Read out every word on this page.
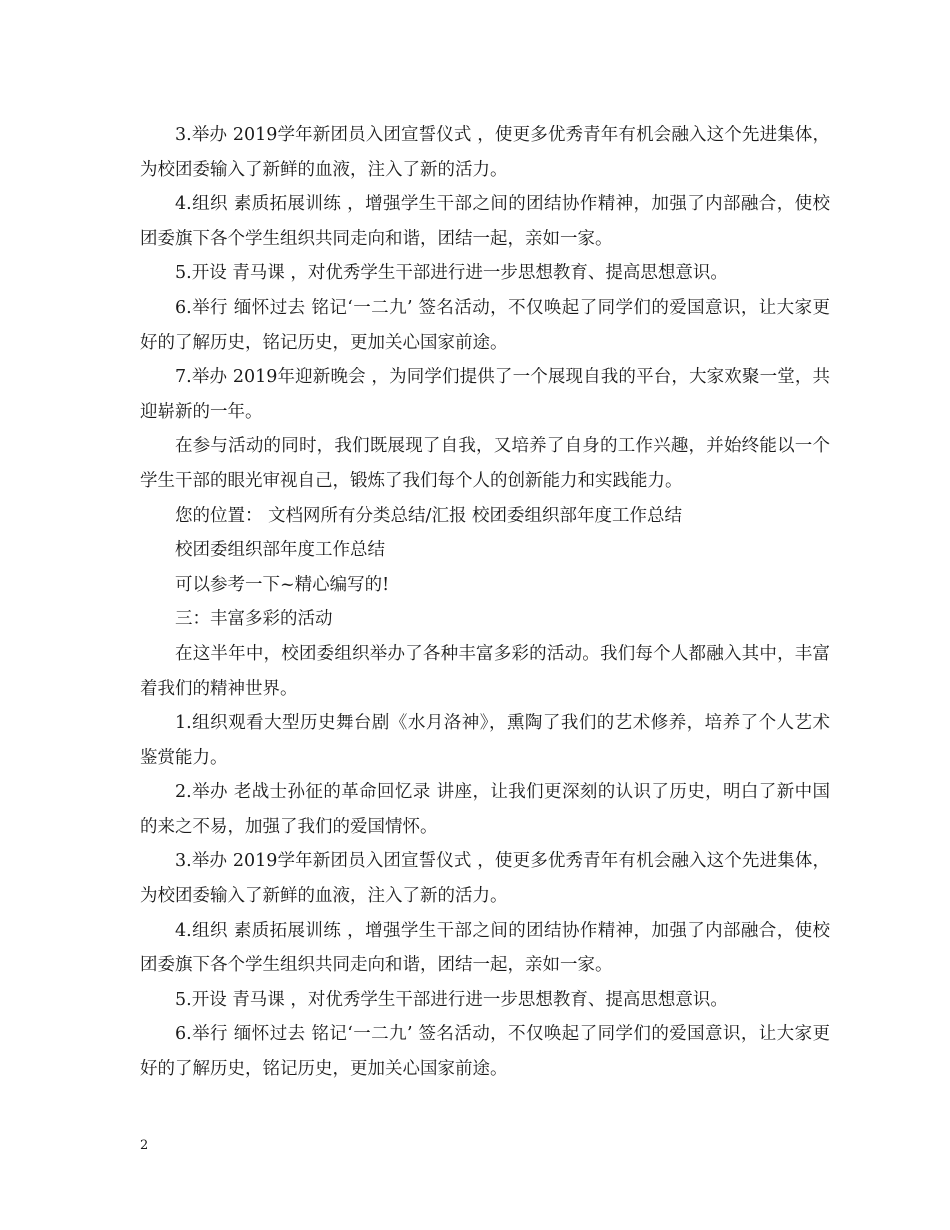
3.举办 2019学年新团员入团宣誓仪式 ，使更多优秀青年有机会融入这个先进集体，为校团委输入了新鲜的血液，注入了新的活力。

4.组织 素质拓展训练 ，增强学生干部之间的团结协作精神，加强了内部融合，使校团委旗下各个学生组织共同走向和谐，团结一起，亲如一家。

5.开设 青马课 ，对优秀学生干部进行进一步思想教育、提高思想意识。

6.举行 缅怀过去 铭记‘一二九’ 签名活动，不仅唤起了同学们的爱国意识，让大家更好的了解历史，铭记历史，更加关心国家前途。

7.举办 2019年迎新晚会 ，为同学们提供了一个展现自我的平台，大家欢聚一堂，共迎崭新的一年。

在参与活动的同时，我们既展现了自我，又培养了自身的工作兴趣，并始终能以一个学生干部的眼光审视自己，锻炼了我们每个人的创新能力和实践能力。

您的位置： 文档网所有分类总结/汇报 校团委组织部年度工作总结

校团委组织部年度工作总结

可以参考一下~精心编写的!

三：丰富多彩的活动

在这半年中，校团委组织举办了各种丰富多彩的活动。我们每个人都融入其中，丰富着我们的精神世界。

1.组织观看大型历史舞台剧《水月洛神》，熏陶了我们的艺术修养，培养了个人艺术鉴赏能力。

2.举办 老战士孙征的革命回忆录 讲座，让我们更深刻的认识了历史，明白了新中国的来之不易，加强了我们的爱国情怀。

3.举办 2019学年新团员入团宣誓仪式 ，使更多优秀青年有机会融入这个先进集体，为校团委输入了新鲜的血液，注入了新的活力。

4.组织 素质拓展训练 ，增强学生干部之间的团结协作精神，加强了内部融合，使校团委旗下各个学生组织共同走向和谐，团结一起，亲如一家。

5.开设 青马课 ，对优秀学生干部进行进一步思想教育、提高思想意识。

6.举行 缅怀过去 铭记‘一二九’ 签名活动，不仅唤起了同学们的爱国意识，让大家更好的了解历史，铭记历史，更加关心国家前途。

2
